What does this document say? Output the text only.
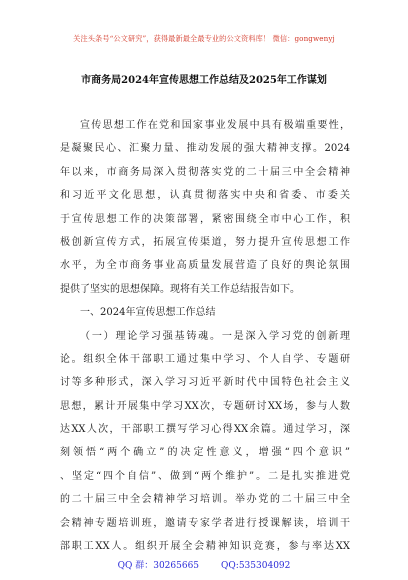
关注头条号“公文研究”，获得最新最全最专业的公文资料库！ 微信：gongwenyj
市商务局2024年宣传思想工作总结及2025年工作谋划
宣传思想工作在党和国家事业发展中具有极端重要性，
是凝聚民心、汇聚力量、推动发展的强大精神支撑。2024
年以来，市商务局深入贯彻落实党的二十届三中全会精神
和习近平文化思想，认真贯彻落实中央和省委、市委关
于宣传思想工作的决策部署，紧密围绕全市中心工作，积
极创新宣传方式，拓展宣传渠道，努力提升宣传思想工作
水平，为全市商务事业高质量发展营造了良好的舆论氛围
提供了坚实的思想保障。现将有关工作总结报告如下。
一、2024年宣传思想工作总结
（一）理论学习强基铸魂。一是深入学习党的创新理
论。组织全体干部职工通过集中学习、个人自学、专题研
讨等多种形式，深入学习习近平新时代中国特色社会主义
思想，累计开展集中学习XX次，专题研讨XX场，参与人数
达XX人次，干部职工撰写学习心得XX余篇。通过学习，深
刻领悟“两个确立”的决定性意义，增强“四个意识”
、坚定“四个自信”、做到“两个维护”。二是扎实推进党
的二十届三中全会精神学习培训。举办党的二十届三中全
会精神专题培训班，邀请专家学者进行授课解读，培训干
部职工XX人。组织开展全会精神知识竞赛，参与率达XX
QQ 群：30265665 QQ:535304092
